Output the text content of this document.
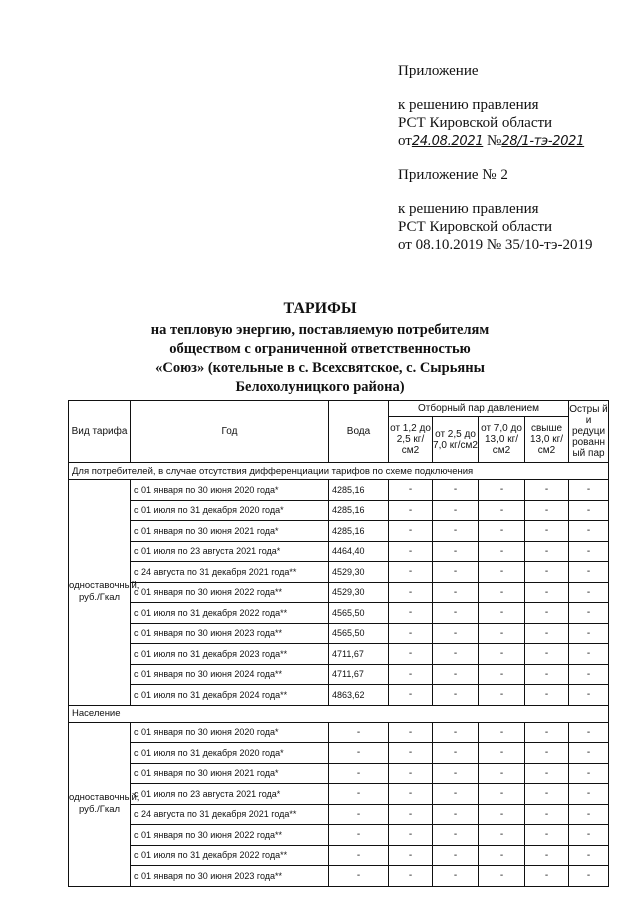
Приложение
к решению правления
РСТ Кировской области
от24.08.2021 №28/1-тэ-2021
Приложение № 2
к решению правления
РСТ Кировской области
от 08.10.2019 № 35/10-тэ-2019
ТАРИФЫ
на тепловую энергию, поставляемую потребителям
обществом с ограниченной ответственностью
«Союз» (котельные в с. Всехсвятское, с. Сырьяны
Белохолуницкого района)
Вид тарифа	Год	Вода	Отборный пар давлением				Остры й и редуци рованн ый пар
			от 1,2 до 2,5 кг/см2	от 2,5 до 7,0 кг/см2	от 7,0 до 13,0 кг/см2	свыше 13,0 кг/см2	
Для потребителей, в случае отсутствия дифференциации тарифов по схеме подключения							
одноставочный, руб./Гкал	с 01 января по 30 июня 2020 года*	4285,16	-	-	-	-	-
	с 01 июля по 31 декабря 2020 года*	4285,16	-	-	-	-	-
	с 01 января по 30 июня 2021 года*	4285,16	-	-	-	-	-
	с 01 июля по 23 августа 2021 года*	4464,40	-	-	-	-	-
	с 24 августа по 31 декабря 2021 года**	4529,30	-	-	-	-	-
	с 01 января по 30 июня 2022 года**	4529,30	-	-	-	-	-
	с 01 июля по 31 декабря 2022 года**	4565,50	-	-	-	-	-
	с 01 января по 30 июня 2023 года**	4565,50	-	-	-	-	-
	с 01 июля по 31 декабря 2023 года**	4711,67	-	-	-	-	-
	с 01 января по 30 июня 2024 года**	4711,67	-	-	-	-	-
	с 01 июля по 31 декабря 2024 года**	4863,62	-	-	-	-	-
Население							
одноставочный, руб./Гкал	с 01 января по 30 июня 2020 года*	-	-	-	-	-	-
	с 01 июля по 31 декабря 2020 года*	-	-	-	-	-	-
	с 01 января по 30 июня 2021 года*	-	-	-	-	-	-
	с 01 июля по 23 августа 2021 года*	-	-	-	-	-	-
	с 24 августа по 31 декабря 2021 года**	-	-	-	-	-	-
	с 01 января по 30 июня 2022 года**	-	-	-	-	-	-
	с 01 июля по 31 декабря 2022 года**	-	-	-	-	-	-
	с 01 января по 30 июня 2023 года**	-	-	-	-	-	-
